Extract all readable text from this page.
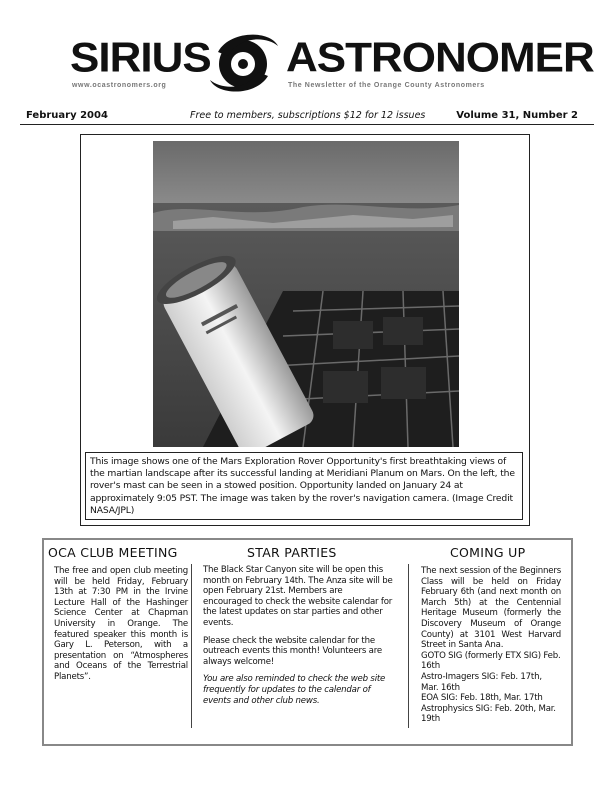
SIRIUS ASTRONOMER
www.ocastronomers.org	The Newsletter of the Orange County Astronomers
February 2004	Free to members, subscriptions $12 for 12 issues	Volume 31, Number 2
This image shows one of the Mars Exploration Rover Opportunity's first breathtaking views of the martian landscape after its successful landing at Meridiani Planum on Mars. On the left, the rover's mast can be seen in a stowed position. Opportunity landed on January 24 at approximately 9:05 PST. The image was taken by the rover's navigation camera. (Image Credit NASA/JPL)
OCA CLUB MEETING	STAR PARTIES	COMING UP
The free and open club meeting will be held Friday, February 13th at 7:30 PM in the Irvine Lecture Hall of the Hashinger Science Center at Chapman University in Orange. The featured speaker this month is Gary L. Peterson, with a presentation on “Atmospheres and Oceans of the Terrestrial Planets”.

The Black Star Canyon site will be open this month on February 14th. The Anza site will be open February 21st. Members are encouraged to check the website calendar for the latest updates on star parties and other events.

Please check the website calendar for the outreach events this month! Volunteers are always welcome!

You are also reminded to check the web site frequently for updates to the calendar of events and other club news.

The next session of the Beginners Class will be held on Friday February 6th (and next month on March 5th) at the Centennial Heritage Museum (formerly the Discovery Museum of Orange County) at 3101 West Harvard Street in Santa Ana.

GOTO SIG (formerly ETX SIG) Feb. 16th

Astro-Imagers SIG: Feb. 17th, Mar. 16th

EOA SIG: Feb. 18th, Mar. 17th

Astrophysics SIG: Feb. 20th, Mar. 19th
